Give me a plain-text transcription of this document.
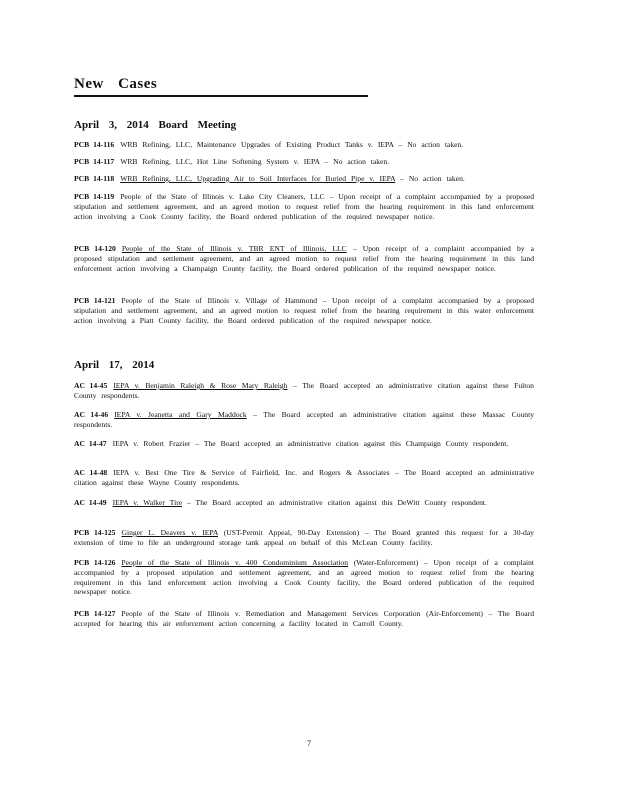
New Cases
April 3, 2014 Board Meeting
PCB 14-116 WRB Refining, LLC, Maintenance Upgrades of Existing Product Tanks v. IEPA – No action taken.
PCB 14-117 WRB Refining, LLC, Hot Line Softening System v. IEPA – No action taken.
PCB 14-118 WRB Refining, LLC, Upgrading Air to Soil Interfaces for Buried Pipe v. IEPA – No action taken.
PCB 14-119 People of the State of Illinois v. Lake City Cleaners, LLC – Upon receipt of a complaint accompanied by a proposed stipulation and settlement agreement, and an agreed motion to request relief from the hearing requirement in this land enforcement action involving a Cook County facility, the Board ordered publication of the required newspaper notice.
PCB 14-120 People of the State of Illinois v. TBR ENT of Illinois, LLC – Upon receipt of a complaint accompanied by a proposed stipulation and settlement agreement, and an agreed motion to request relief from the hearing requirement in this land enforcement action involving a Champaign County facility, the Board ordered publication of the required newspaper notice.
PCB 14-121 People of the State of Illinois v. Village of Hammond – Upon receipt of a complaint accompanied by a proposed stipulation and settlement agreement, and an agreed motion to request relief from the hearing requirement in this water enforcement action involving a Piatt County facility, the Board ordered publication of the required newspaper notice.
April 17, 2014
AC 14-45 IEPA v. Benjamin Raleigh & Rose Mary Raleigh – The Board accepted an administrative citation against these Fulton County respondents.
AC 14-46 IEPA v. Jeanetta and Gary Maddock – The Board accepted an administrative citation against these Massac County respondents.
AC 14-47 IEPA v. Robert Frazier – The Board accepted an administrative citation against this Champaign County respondent.
AC 14-48 IEPA v. Best One Tire & Service of Fairfield, Inc. and Rogers & Associates – The Board accepted an administrative citation against these Wayne County respondents.
AC 14-49 IEPA v. Walker Tire – The Board accepted an administrative citation against this DeWitt County respondent.
PCB 14-125 Ginger L. Deavers v. IEPA (UST-Permit Appeal, 90-Day Extension) – The Board granted this request for a 30-day extension of time to file an underground storage tank appeal on behalf of this McLean County facility.
PCB 14-126 People of the State of Illinois v. 400 Condominium Association (Water-Enforcement) – Upon receipt of a complaint accompanied by a proposed stipulation and settlement agreement, and an agreed motion to request relief from the hearing requirement in this land enforcement action involving a Cook County facility, the Board ordered publication of the required newspaper notice.
PCB 14-127 People of the State of Illinois v. Remediation and Management Services Corporation (Air-Enforcement) – The Board accepted for hearing this air enforcement action concerning a facility located in Carroll County.
7
